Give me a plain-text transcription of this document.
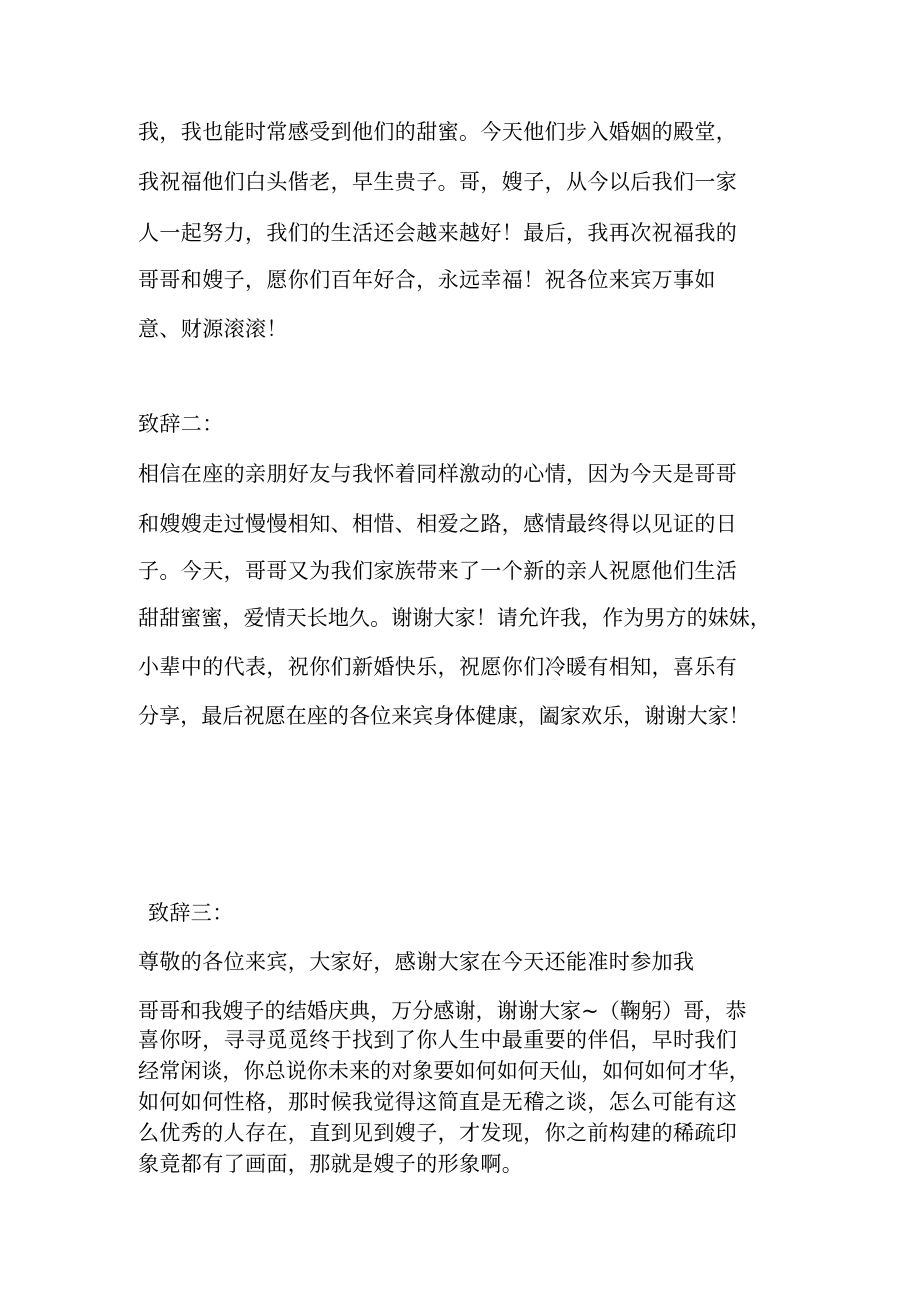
我，我也能时常感受到他们的甜蜜。今天他们步入婚姻的殿堂，

我祝福他们白头偕老，早生贵子。哥，嫂子，从今以后我们一家

人一起努力，我们的生活还会越来越好！最后，我再次祝福我的

哥哥和嫂子，愿你们百年好合，永远幸福！祝各位来宾万事如

意、财源滚滚！

致辞二：

相信在座的亲朋好友与我怀着同样激动的心情，因为今天是哥哥

和嫂嫂走过慢慢相知、相惜、相爱之路，感情最终得以见证的日

子。今天，哥哥又为我们家族带来了一个新的亲人祝愿他们生活

甜甜蜜蜜，爱情天长地久。谢谢大家！请允许我，作为男方的妹妹，

小辈中的代表，祝你们新婚快乐，祝愿你们冷暖有相知，喜乐有

分享，最后祝愿在座的各位来宾身体健康，阖家欢乐，谢谢大家！

致辞三：

尊敬的各位来宾，大家好，感谢大家在今天还能准时参加我

哥哥和我嫂子的结婚庆典，万分感谢，谢谢大家~（鞠躬）哥，恭

喜你呀，寻寻觅觅终于找到了你人生中最重要的伴侣，早时我们

经常闲谈，你总说你未来的对象要如何如何天仙，如何如何才华，

如何如何性格，那时候我觉得这简直是无稽之谈，怎么可能有这

么优秀的人存在，直到见到嫂子，才发现，你之前构建的稀疏印

象竟都有了画面，那就是嫂子的形象啊。
